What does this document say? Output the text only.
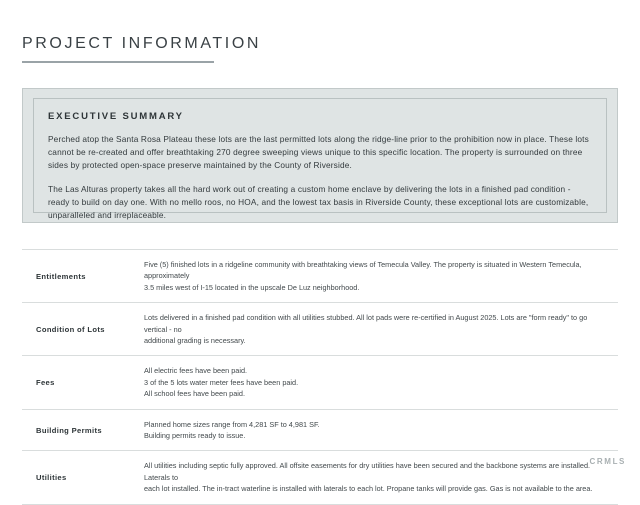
PROJECT INFORMATION
EXECUTIVE SUMMARY

Perched atop the Santa Rosa Plateau these lots are the last permitted lots along the ridge-line prior to the prohibition now in place. These lots cannot be re-created and offer breathtaking 270 degree sweeping views unique to this specific location. The property is surrounded on three sides by protected open-space preserve maintained by the County of Riverside.

The Las Alturas property takes all the hard work out of creating a custom home enclave by delivering the lots in a finished pad condition - ready to build on day one. With no mello roos, no HOA, and the lowest tax basis in Riverside County, these exceptional lots are customizable, unparalleled and irreplaceable.

Entitlements	Five (5) finished lots in a ridgeline community with breathtaking views of Temecula Valley. The property is situated in Western Temecula, approximately

3.5 miles west of I-15 located in the upscale De Luz neighborhood.

Condition of Lots	Lots delivered in a finished pad condition with all utilities stubbed. All lot pads were re-certified in August 2025. Lots are "form ready" to go vertical - no

additional grading is necessary.

Fees	All electric fees have been paid.

3 of the 5 lots water meter fees have been paid.

All school fees have been paid.

Building Permits	Planned home sizes range from 4,281 SF to 4,981 SF.

Building permits ready to issue.

Utilities	All utilities including septic fully approved. All offsite easements for dry utilities have been secured and the backbone systems are installed. Laterals to

each lot installed. The in-tract waterline is installed with laterals to each lot. Propane tanks will provide gas. Gas is not available to the area.

CRMLS
